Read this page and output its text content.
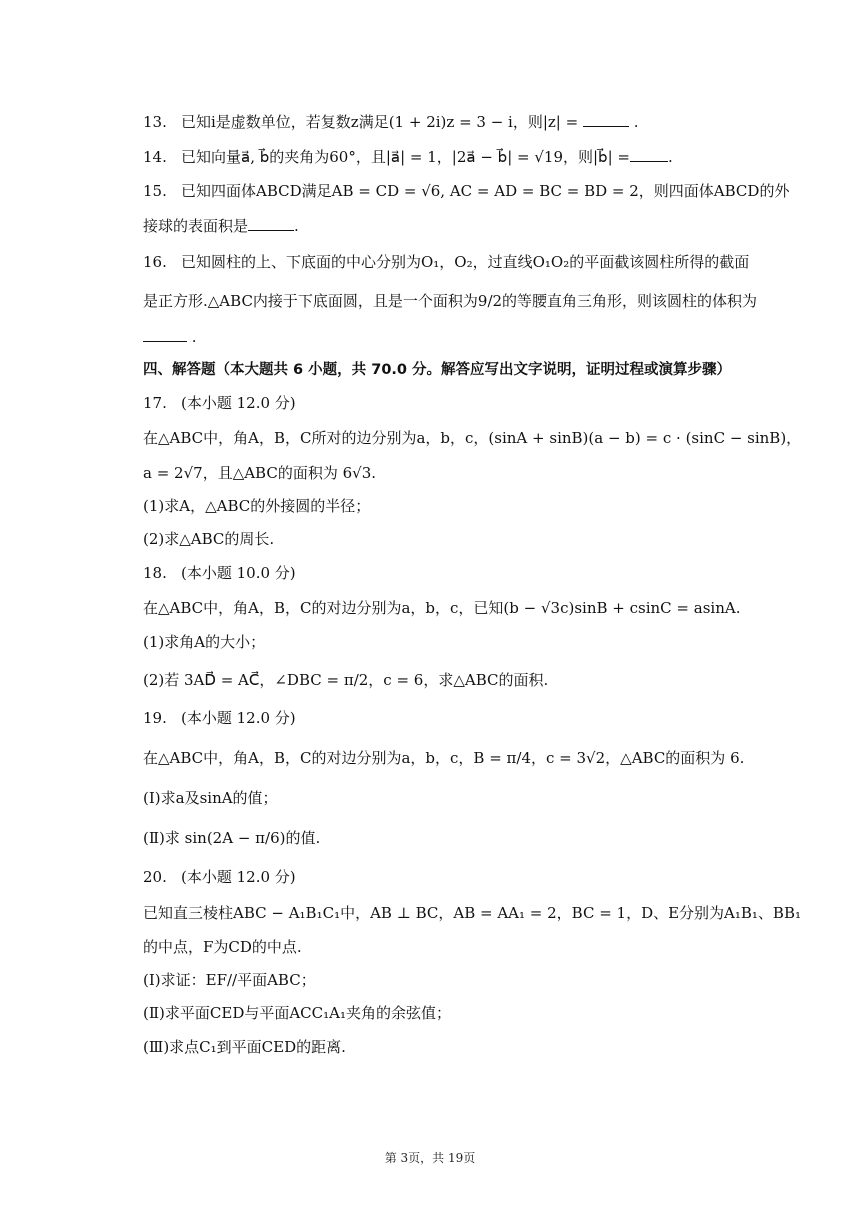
13. 已知i是虚数单位，若复数z满足(1 + 2i)z = 3 − i，则|z| =	.
14. 已知向量a⃗, b⃗的夹角为60°，且|a⃗| = 1，|2a⃗ − b⃗| = √19，则|b⃗| =	.
15. 已知四面体ABCD满足AB = CD = √6, AC = AD = BC = BD = 2，则四面体ABCD的外
接球的表面积是	.
16. 已知圆柱的上、下底面的中心分别为O₁，O₂，过直线O₁O₂的平面截该圆柱所得的截面
是正方形.△ABC内接于下底面圆，且是一个面积为9/2的等腰直角三角形，则该圆柱的体积为
.
四、解答题（本大题共 6 小题，共 70.0 分。解答应写出文字说明，证明过程或演算步骤）
17. (本小题 12.0 分)
在△ABC中，角A，B，C所对的边分别为a，b，c，(sinA + sinB)(a − b) = c · (sinC − sinB)，
a = 2√7，且△ABC的面积为 6√3.
(1)求A，△ABC的外接圆的半径；
(2)求△ABC的周长.
18. (本小题 10.0 分)
在△ABC中，角A，B，C的对边分别为a，b，c，已知(b − √3c)sinB + csinC = asinA.
(1)求角A的大小；
(2)若 3AD⃗ = AC⃗，∠DBC = π/2，c = 6，求△ABC的面积.
19. (本小题 12.0 分)
在△ABC中，角A，B，C的对边分别为a，b，c，B = π/4，c = 3√2，△ABC的面积为 6.
(Ⅰ)求a及sinA的值；
(Ⅱ)求 sin(2A − π/6)的值.
20. (本小题 12.0 分)
已知直三棱柱ABC − A₁B₁C₁中，AB ⊥ BC，AB = AA₁ = 2，BC = 1，D、E分别为A₁B₁、BB₁
的中点，F为CD的中点.
(Ⅰ)求证：EF//平面ABC；
(Ⅱ)求平面CED与平面ACC₁A₁夹角的余弦值；
(Ⅲ)求点C₁到平面CED的距离.
第 3页，共 19页
